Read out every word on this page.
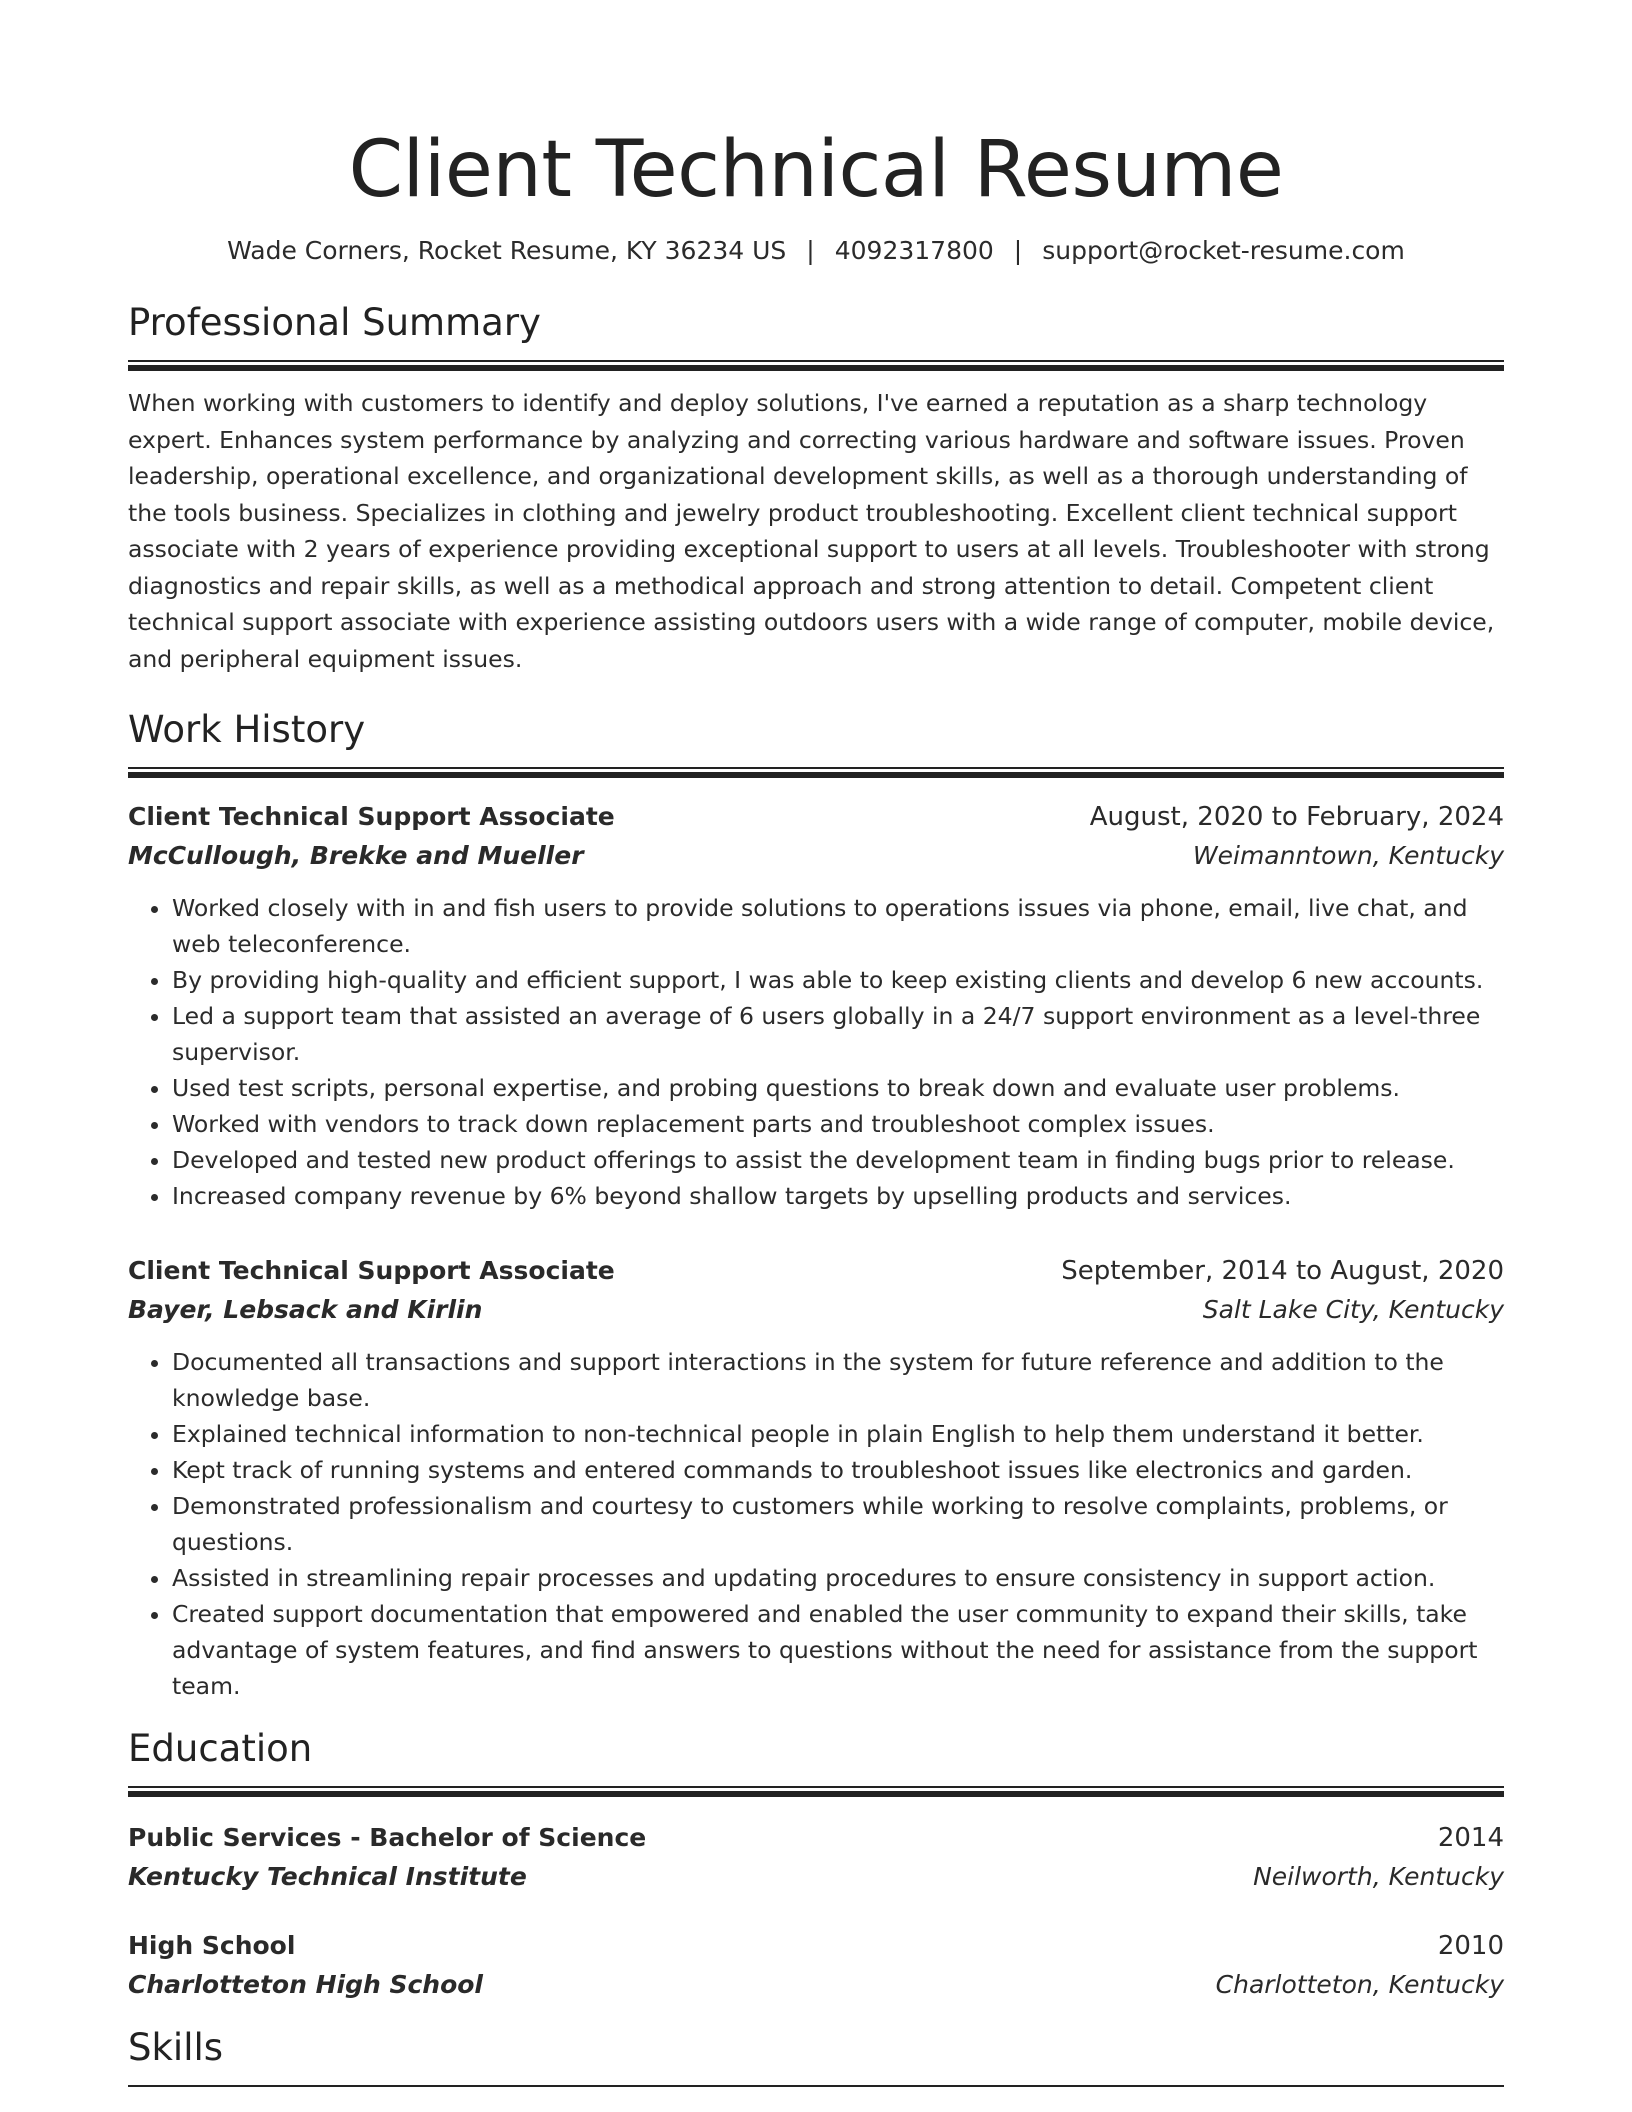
Client Technical Resume
Wade Corners, Rocket Resume, KY 36234 US | 4092317800 | support@rocket-resume.com
Professional Summary

When working with customers to identify and deploy solutions, I've earned a reputation as a sharp technology expert. Enhances system performance by analyzing and correcting various hardware and software issues. Proven leadership, operational excellence, and organizational development skills, as well as a thorough understanding of the tools business. Specializes in clothing and jewelry product troubleshooting. Excellent client technical support associate with 2 years of experience providing exceptional support to users at all levels. Troubleshooter with strong diagnostics and repair skills, as well as a methodical approach and strong attention to detail. Competent client technical support associate with experience assisting outdoors users with a wide range of computer, mobile device, and peripheral equipment issues.

Work History
Client Technical Support Associate	August, 2020 to February, 2024
McCullough, Brekke and Mueller	Weimanntown, Kentucky
• Worked closely with in and fish users to provide solutions to operations issues via phone, email, live chat, and web teleconference.
• By providing high-quality and efficient support, I was able to keep existing clients and develop 6 new accounts.
• Led a support team that assisted an average of 6 users globally in a 24/7 support environment as a level-three supervisor.
• Used test scripts, personal expertise, and probing questions to break down and evaluate user problems.
• Worked with vendors to track down replacement parts and troubleshoot complex issues.
• Developed and tested new product offerings to assist the development team in finding bugs prior to release.
• Increased company revenue by 6% beyond shallow targets by upselling products and services.
Client Technical Support Associate	September, 2014 to August, 2020
Bayer, Lebsack and Kirlin	Salt Lake City, Kentucky
• Documented all transactions and support interactions in the system for future reference and addition to the knowledge base.
• Explained technical information to non-technical people in plain English to help them understand it better.
• Kept track of running systems and entered commands to troubleshoot issues like electronics and garden.
• Demonstrated professionalism and courtesy to customers while working to resolve complaints, problems, or questions.
• Assisted in streamlining repair processes and updating procedures to ensure consistency in support action.
• Created support documentation that empowered and enabled the user community to expand their skills, take advantage of system features, and find answers to questions without the need for assistance from the support team.
Education
Public Services - Bachelor of Science	2014
Kentucky Technical Institute	Neilworth, Kentucky
High School	2010
Charlotteton High School	Charlotteton, Kentucky
Skills
